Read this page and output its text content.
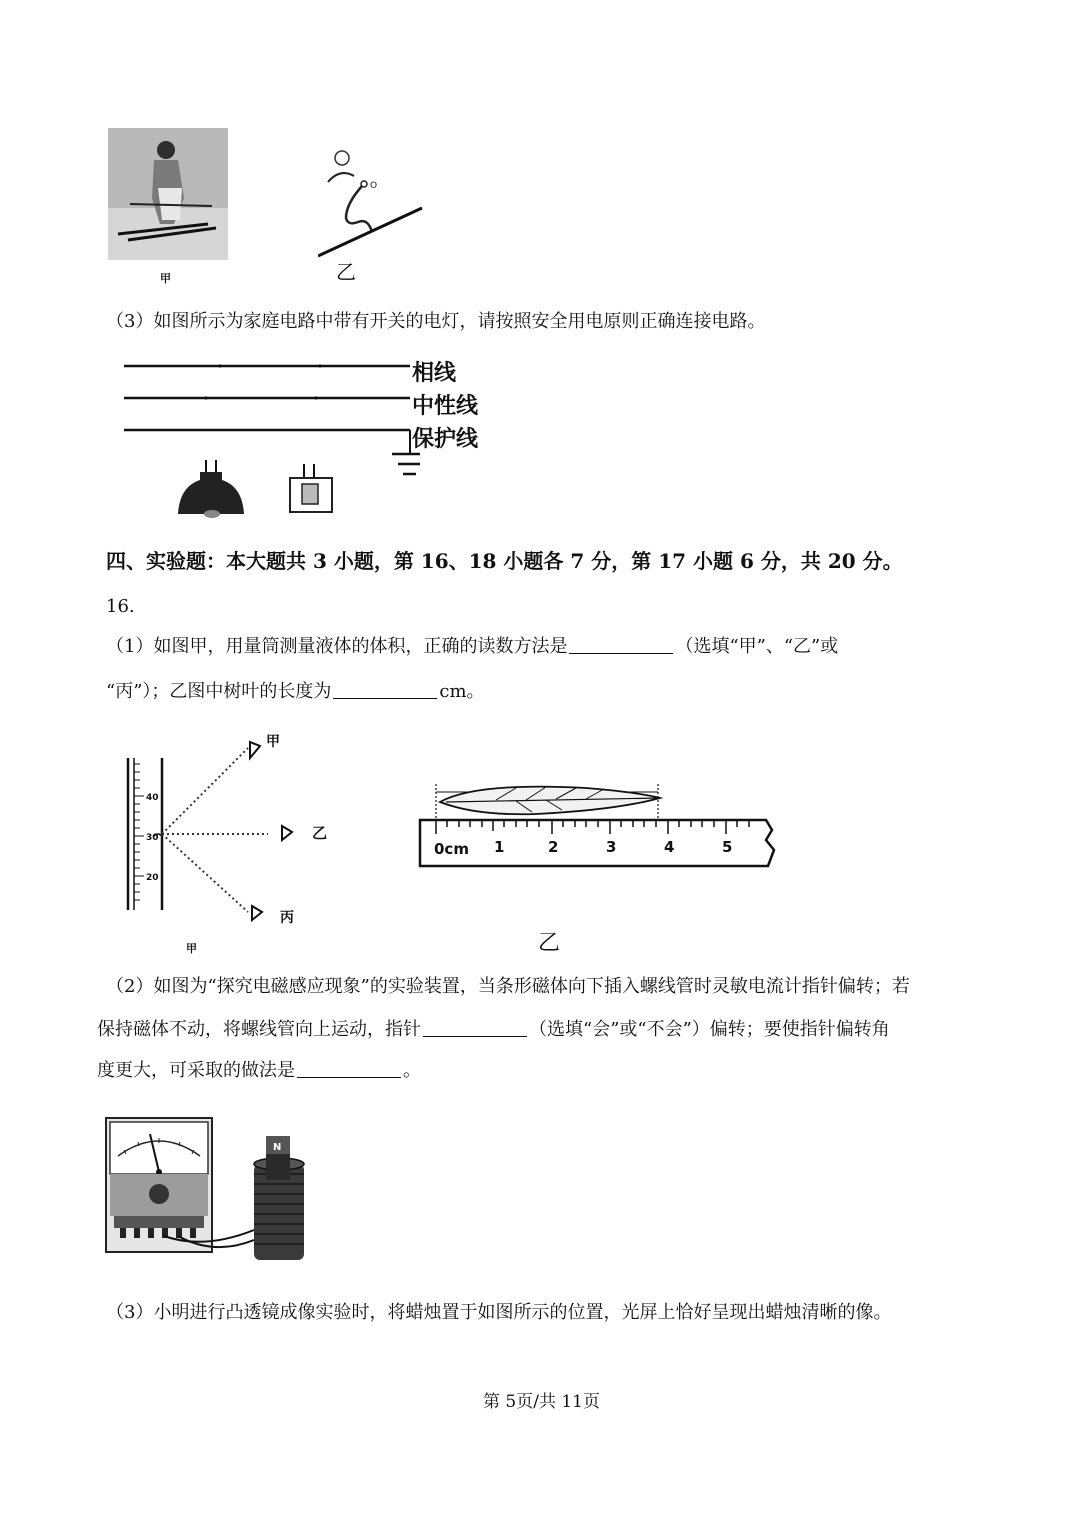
甲
O
乙
（3）如图所示为家庭电路中带有开关的电灯，请按照安全用电原则正确连接电路。
相线
中性线
保护线
四、实验题：本大题共 3 小题，第 16、18 小题各 7 分，第 17 小题 6 分，共 20 分。
16.
（1）如图甲，用量筒测量液体的体积，正确的读数方法是	（选填“甲”、“乙”或
“丙”）；乙图中树叶的长度为	cm。
40
30
20
甲
乙
丙
甲
0cm 1	2	3	4	5
乙
（2）如图为“探究电磁感应现象”的实验装置，当条形磁体向下插入螺线管时灵敏电流计指针偏转；若
保持磁体不动，将螺线管向上运动，指针	（选填“会”或“不会”）偏转；要使指针偏转角
度更大，可采取的做法是	。
N
（3）小明进行凸透镜成像实验时，将蜡烛置于如图所示的位置，光屏上恰好呈现出蜡烛清晰的像。
第 5页/共 11页
